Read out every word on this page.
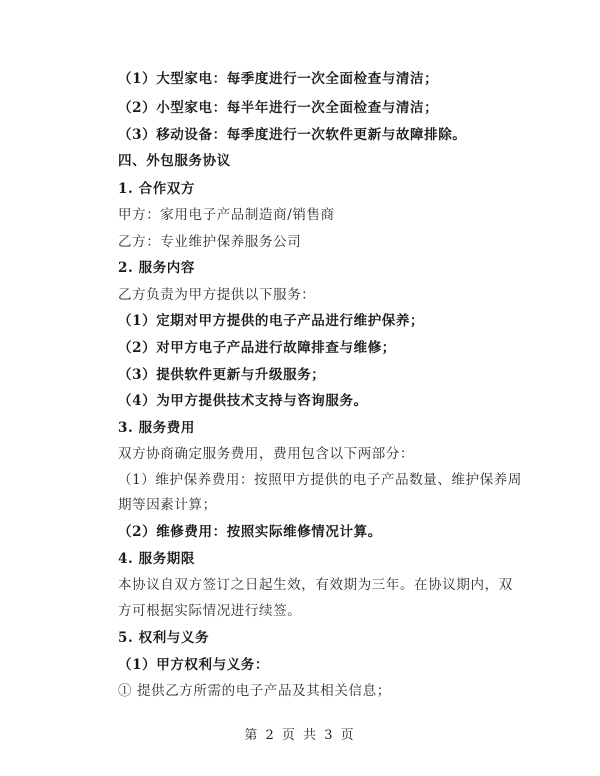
（1）大型家电：每季度进行一次全面检查与清洁；
（2）小型家电：每半年进行一次全面检查与清洁；
（3）移动设备：每季度进行一次软件更新与故障排除。
四、外包服务协议
1. 合作双方
甲方：家用电子产品制造商/销售商
乙方：专业维护保养服务公司
2. 服务内容
乙方负责为甲方提供以下服务：
（1）定期对甲方提供的电子产品进行维护保养；
（2）对甲方电子产品进行故障排查与维修；
（3）提供软件更新与升级服务；
（4）为甲方提供技术支持与咨询服务。
3. 服务费用
双方协商确定服务费用，费用包含以下两部分：
（1）维护保养费用：按照甲方提供的电子产品数量、维护保养周
期等因素计算；
（2）维修费用：按照实际维修情况计算。
4. 服务期限
本协议自双方签订之日起生效，有效期为三年。在协议期内，双
方可根据实际情况进行续签。
5. 权利与义务
（1）甲方权利与义务：
① 提供乙方所需的电子产品及其相关信息；
第 2 页 共 3 页
